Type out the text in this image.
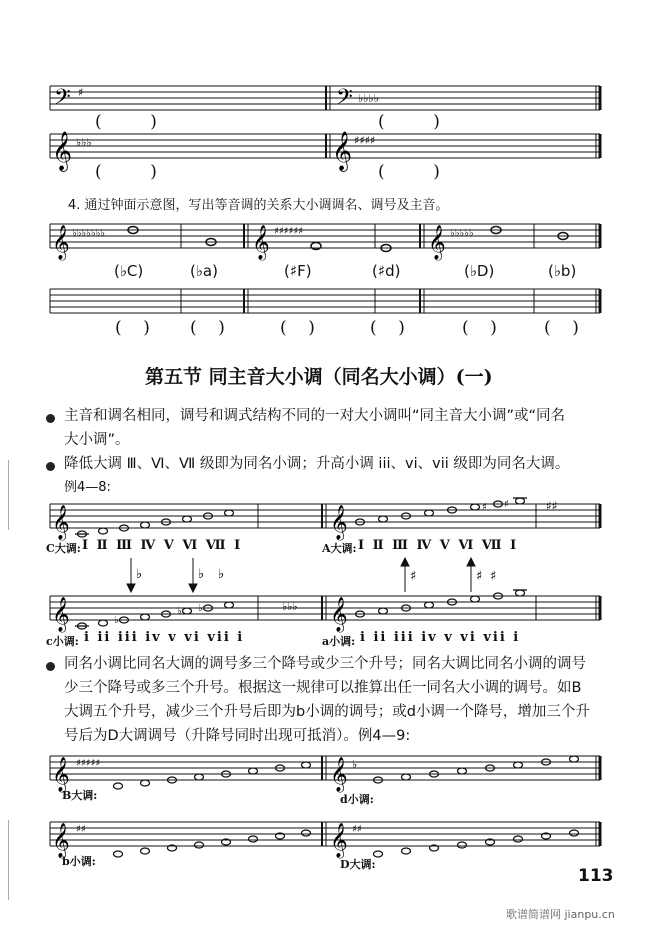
𝄢 ♯	𝄢 ♭♭♭♭
(         )	(         )
𝄞 ♭♭♭	𝄞 ♯♯♯♯
(         )	(         )
4. 通过钟面示意图，写出等音调的关系大小调调名、调号及主音。
𝄞 ♭♭♭♭♭♭♭	𝄞 ♯♯♯♯♯♯	𝄞 ♭♭♭♭♭
(♭C)	(♭a)	(♯F)	(♯d)	(♭D)	(♭b)
(    ) (    )	(    )	(    )	(    )	(    )
第五节 同主音大小调（同名大小调）(一)
主音和调名相同，调号和调式结构不同的一对大小调叫“同主音大小调”或“同名
大小调”。
降低大调 Ⅲ、Ⅵ、Ⅶ 级即为同名小调；升高小调 iii、vi、vii 级即为同名大调。
例4—8:
𝄞	𝄞	♯ ♯	♯♯
C大调: Ⅰ Ⅱ Ⅲ Ⅳ Ⅴ Ⅵ Ⅶ Ⅰ	A大调: Ⅰ Ⅱ Ⅲ Ⅳ Ⅴ Ⅵ Ⅶ Ⅰ
♭	♭ ♭	♯	♯ ♯
𝄞	♭♭♭
♭
♭ ♭	𝄞
c小调: i ii iii iv v vi vii i	a小调: i ii iii iv v vi vii i
同名小调比同名大调的调号多三个降号或少三个升号；同名大调比同名小调的调号
少三个降号或多三个升号。根据这一规律可以推算出任一同名大小调的调号。如B
大调五个升号，减少三个升号后即为b小调的调号；或d小调一个降号，增加三个升
号后为D大调调号（升降号同时出现可抵消）。例4—9:
𝄞 ♯♯♯♯♯	𝄞 ♭
B大调:	d小调:
𝄞 ♯♯	𝄞 ♯♯
b小调:	D大调:
113
歌谱简谱网 jianpu.cn
